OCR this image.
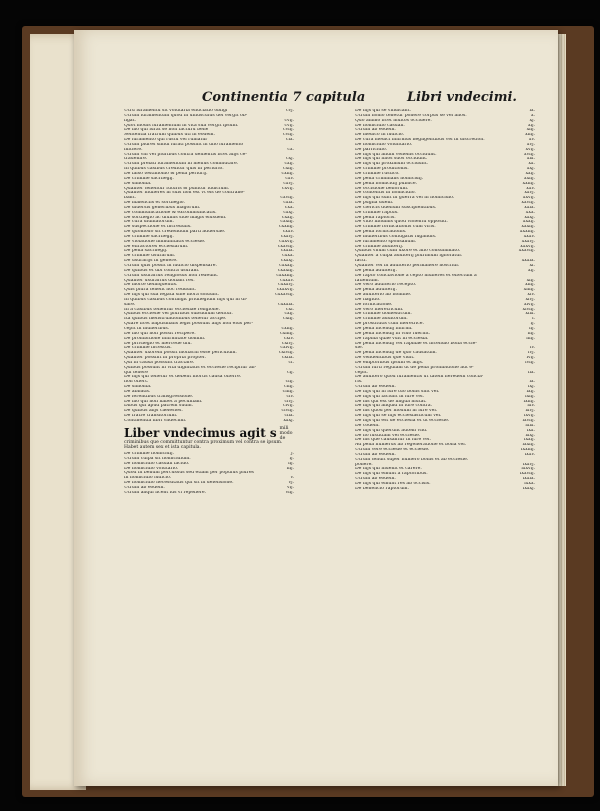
Continentia 7 capitula
Utrū iuramentū sit volūtaria enūciatio obligi	cvj.
Utrum iuramentum quod in uniuscuius uel vergit ob-
ligat.	cvij.
Quot modis iuramentum in vita sua vergit ipsum.	cvij.
De illo qui iurat se non facturū bene	cviij.
Sententia fratrum quibus uti in eodem.	cviij.
De iuramento qui rustu vel ruinatur	cix.
Utrum plures simul iurati possint in uno iuramento
mittere.	cx.
Utrum vni vel pluribus contra uenientis licet alijs ce-
trauenire.	cxj.
Utrum prelati iuramentum in melius commutare.	cxij.
In quibus casibus creditur quis in periurio.	cxiij.
De falso testimonio & pena periurij.	cxiiij.
De crimine sacrilegij.	cxv.
De simonia.	cxvj.
Qualiter tenentur futuris & punitur iudicium.	cxvij.
Qualiter mulieres in suis non est vt eis de contrahe-
bant.	cxviij.
De maleficiis et sortilegio.	cxix.
De diuersis generibus magorum.	cxx.
De communicatione & excommunicatis.	cxxj.
De sortilegio ac diuinis siue magis eiusdem.	cxxij.
De cura diuinatorum.	cxxiij.
De suspectione et incredulis.	cxxiiij.
De quomodo sit credendum parti aduersae.	cxxv.
De crimine sacrilegij.	cxxvj.
De violatione immunitatis ecclesie.	cxxvij.
De effractores ecclesiarum.	cxxviij.
De pena sacrilegij.	cxxix.
De crimine usurarum.	cxxx.
De usurarijs in genere.	cxxxj.
Utrum quis possit in iudicio dispensare.	cxxxij.
De quibus et ubi contra usuram.	cxxxiij.
Utrum usurarius religiosus non redeunt.	cxxxiiij.
Qualiter usurarius donant res.	cxxxv.
De morte delinquentis.	cxxxvj.
Quis plura tenent hoc reddunt.	cxxxvij.
De hijs qui sua legata sine mora soluunt.	cxxxviij.
In quibus casibus contingit priuilegium hijs qui in di-
sare.	cxxxix.
In a casibus tenentur ecclesiae religione.	cxl.
Quibus ecclesie vel pluribus subsidium dentur.	cxlj.
Ita quibus menstruationibus tenetur accipe.	cxlij.
Quare licet baptismalis legis possunt alijs non eius per-
cepit in mulieribus.	cxliij.
De illo qui non possit recipere.	cxliiij.
De prohibitione infirmitate domini.	cxlv.
De privilegio et mercede diu.	cxlvj.
De crimine incestus.	cxlvij.
Qualiter uxorem possit monachi esse periculum.	cxlviij.
Qualiter possint in propria propter.	cxlix.
Qui in causa possunt tractare.	cl.
Quibus possunt in vita dignitatis et ecclesie recipitur ali-
qui tenere	clj.
De hijs qui tenetur et debent mortis causa offerre.
non offert.	clij.
De simonia.	cliij.
De abbatis.	cliiij.
De ferentibus transgressione.	clv.
De illo qui non habet a pecuniam.	clvj.
Dibus qui apud patrem suum.	clvij.
De quibus alijs caelestes.	clviij.
De fratre transitorium.	clix.
Continentia libri vndecimi.	xxxj.
Liber vndecimus agit s mili modo de criminibus que committuntur contra proximum vel contra se ipsum. Habet autem sex et ista capitula.
De crimine homicidij.	j.
Utrum culpa sit homicidium.	ij.
De homicidio casuali facido.	iij.
De homicidio volūtario.	iiij.
Quod in bellum percussus sed etiam per populus plures
in homicidio iudicio.	v.
De homicidio necessitatis qui sit in defensione.	vj.
Utrum ab eodem.	vij.
Utrum aliqui licent ius vi repellere.	viij.
Libri vndecimi.
De hijs qui se vindicant.	ix.
Utrum homo tenetur ponere corpus se vel alios.	x.
Quo animo licet multos occidere.	xj.
De homicidio casuali.	xij.
Utrum ab eodem.	xiij.
De medico in iudicio.	xiiij.
De cura medici infirmus negligentibus vel in discretion.	xv.
De homicidio voluntario.	xvj.
De parricidio.	xvij.
De hijs qui alium venenis occidunt.	xviij.
De hijs qui filios suos occidunt.	xix.
De hijs qui proximum occidunt.	xx.
De crimine proditionis.	xxj.
De crimine rustico.	xxij.
De pena criminalis homicidij.	xxiij.
De pena homicidij publice.	xxiiij.
De occisione bellorum.	xxv.
De contentis in homicidio.	xxvj.
De hijs qui sunt in guerra vel in homicidio.	xxvij.
De pugna duelli.	xxviij.
De clericis duellum suscipientibus.	xxix.
De crimine raptus.	xxx.
De pena raptoris.	xxxj.
De vitio libidinis quod violentu oppositi.	xxxij.
De crimine fornicationis cum viris.	xxxiij.
De pena fornicationis.	xxxiiij.
De mulieribus coniugatis fugandis.	xxxv.
De iuramento sponsalium.	xxxvj.
De crimine adulterij.	xxxvij.
Quibus vnum cum uxore et alio consummato.	xxxviij.
Qualiter a culpa adulterij plurimum ignoratur.
facti.	xxxix.
Qualiter vel in adulterio permanere noscitur.	xl.
De pena adulterij.	xlj.
De rapto conclavione a cepto mulieres et effectum a
fatientum.	xlij.
De vero adulterio recepto.	xliij.
De pena adulterij.	xliiij.
De adulterio ab homine.	xlv.
De flagitio.	xlvj.
De fornicatione.	xlvij.
De vero meretricum.	xlviij.
De crimine domesticum.	xlix.
De crimine adultorum.	l.
De prostitutis cum meretrice.	lj.
De pena incendij infirmi.	lij.
De pena incendij in viuo fuerint.	liij.
De rapina quae vult in ecclesia.	liiij.
De pena incendij vel rapinae et incendio bona eccle-
sie.	lv.
De pena incendij de quo causatum.	lvj.
De vendentibus que vidit.	lvij.
De emptoribus ipsum et alijs.	lviij.
Utrum furti regulam ut de pena prohibitione aut e-
cepit.	lix.
De adultero quod iuramentis ut tatem heredem concla-
ris.	lx.
Utrum ab eodem.	lxj.
De hijs qui in iure tuo bonis sint vel.	lxij.
De hijs qui faciunt in iure vel.	lxiij.
De his qui est de lingua mutat.	lxiiij.
De hijs qui aliquid in iure contra.	lxv.
De his quod per modum in iure vel.	lxvj.
De hijs qui se hijs ecclesiasticum vel.	lxvij.
De hijs qui est de ecclesia et ut ecclesie.	lxviij.
De codem.	lxix.
De hijs qui querunt autem vnd.	lxx.
De ho iustitiam vel ecclesie.	lxxj.
De his que causantur in iure vel.	lxxij.
Ad pena numerus ab regeneratione et bona vel.	lxxiij.
Utrum vere ecclesie et ecclesie.	lxxiiij.
Utrum ab eodem.	lxxv.
Utrum tenuit super numero bonis et ab ecclesie.
ponere.	lxxvj.
De hijs qui inuenit et carere.	lxxvij.
De hijs qui emunt a raptoribus.	lxxviij.
Utrum ab eodem.	lxxix.
De hijs qui emunt res ab occisis.	lxxx.
De beneficio raptorum.	lxxxj.
